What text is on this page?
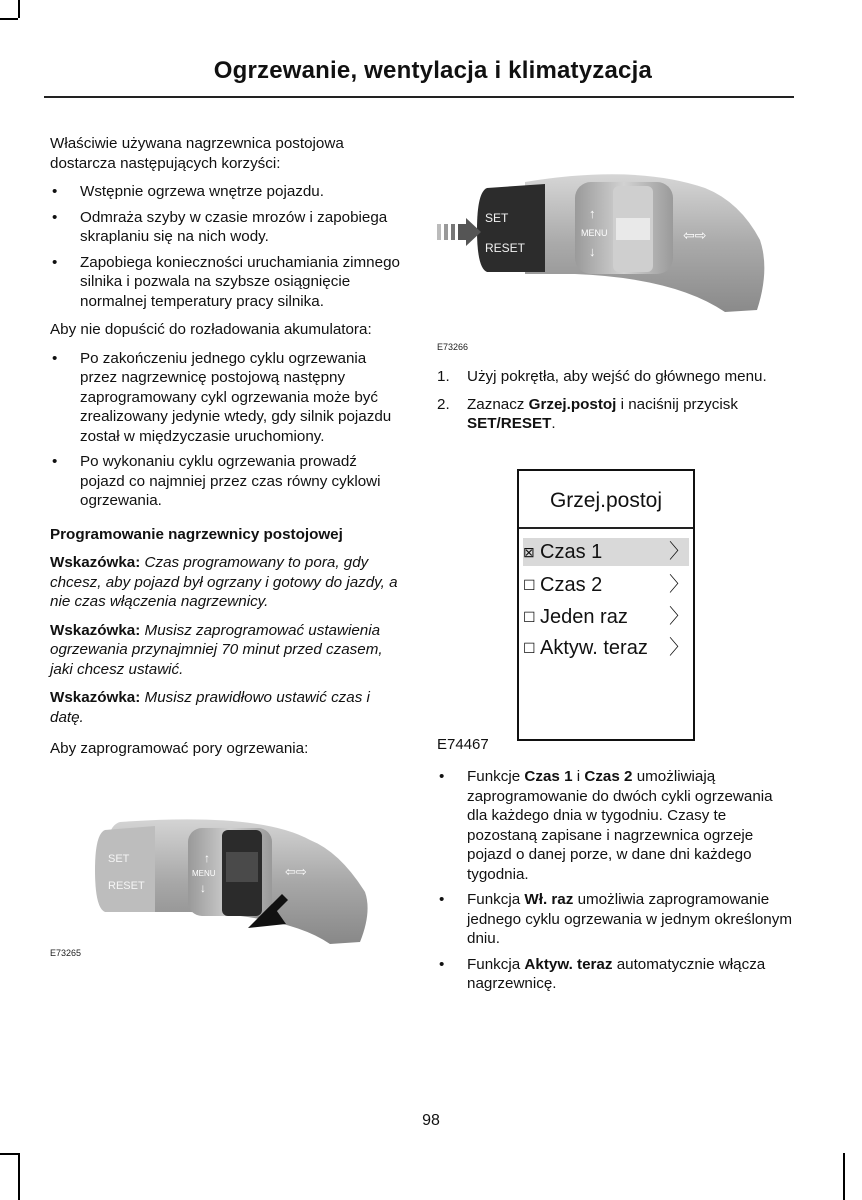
Ogrzewanie, wentylacja i klimatyzacja

Właściwie używana nagrzewnica postojowa dostarcza następujących korzyści:

• Wstępnie ogrzewa wnętrze pojazdu.
• Odmraża szyby w czasie mrozów i zapobiega skraplaniu się na nich wody.
• Zapobiega konieczności uruchamiania zimnego silnika i pozwala na szybsze osiągnięcie normalnej temperatury pracy silnika.

Aby nie dopuścić do rozładowania akumulatora:

• Po zakończeniu jednego cyklu ogrzewania przez nagrzewnicę postojową następny zaprogramowany cykl ogrzewania może być zrealizowany jedynie wtedy, gdy silnik pojazdu został w międzyczasie uruchomiony.
• Po wykonaniu cyklu ogrzewania prowadź pojazd co najmniej przez czas równy cyklowi ogrzewania.

Programowanie nagrzewnicy postojowej

Wskazówka: Czas programowany to pora, gdy chcesz, aby pojazd był ogrzany i gotowy do jazdy, a nie czas włączenia nagrzewnicy.

Wskazówka: Musisz zaprogramować ustawienia ogrzewania przynajmniej 70 minut przed czasem, jaki chcesz ustawić.

Wskazówka: Musisz prawidłowo ustawić czas i datę.

Aby zaprogramować pory ogrzewania:

SET
RESET
↑
MENU
↓
⇦⇨
E73265
SET
RESET
↑
MENU
↓
⇦⇨
E73266
1. Użyj pokrętła, aby wejść do głównego menu.
2. Zaznacz Grzej.postoj i naciśnij przycisk SET/RESET.
Grzej.postoj
⊠ Czas 1	〉
☐ Czas 2	〉
☐ Jeden raz 〉
☐ Aktyw. teraz 〉
E74467
• Funkcje Czas 1 i Czas 2 umożliwiają zaprogramowanie do dwóch cykli ogrzewania dla każdego dnia w tygodniu. Czasy te pozostaną zapisane i nagrzewnica ogrzeje pojazd o danej porze, w dane dni każdego tygodnia.
• Funkcja Wł. raz umożliwia zaprogramowanie jednego cyklu ogrzewania w jednym określonym dniu.
• Funkcja Aktyw. teraz automatycznie włącza nagrzewnicę.
98
